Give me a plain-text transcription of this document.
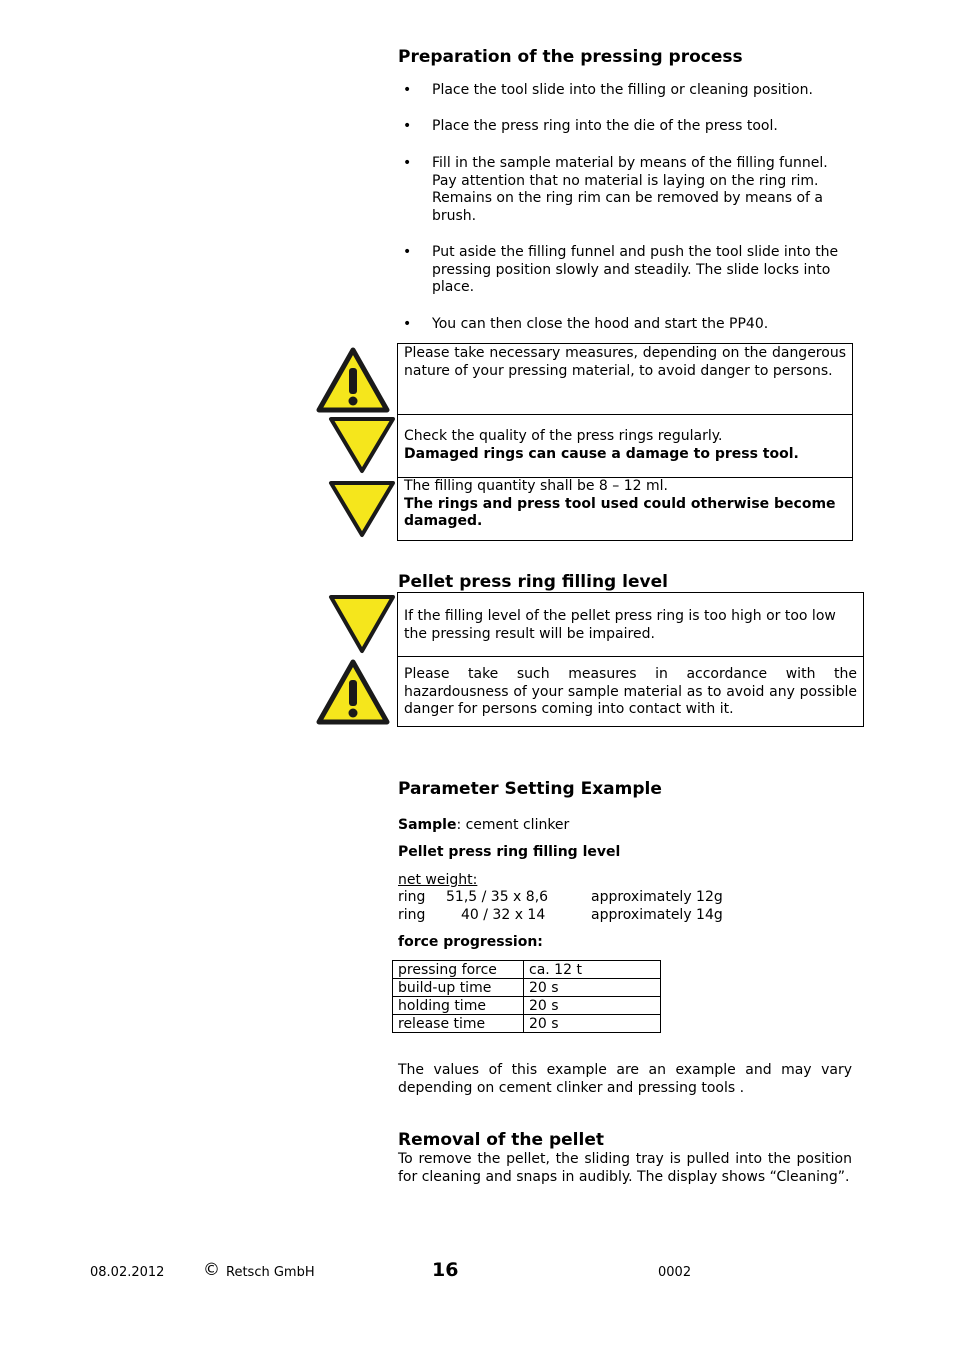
Preparation of the pressing process
• Place the tool slide into the filling or cleaning position.
• Place the press ring into the die of the press tool.
• Fill in the sample material by means of the filling funnel. Pay attention that no material is laying on the ring rim. Remains on the ring rim can be removed by means of a brush.
• Put aside the filling funnel and push the tool slide into the pressing position slowly and steadily. The slide locks into place.
• You can then close the hood and start the PP40.
Please take necessary measures, depending on the dangerous nature of your pressing material, to avoid danger to persons.
Check the quality of the press rings regularly.
Damaged rings can cause a damage to press tool.
The filling quantity shall be 8 – 12 ml.
The rings and press tool used could otherwise become damaged.
Pellet press ring filling level
If the filling level of the pellet press ring is too high or too low the pressing result will be impaired.
Please take such measures in accordance with the hazardousness of your sample material as to avoid any possible danger for persons coming into contact with it.
Parameter Setting Example
Sample: cement clinker
Pellet press ring filling level
net weight:
ring 51,5 / 35 x 8,6	approximately 12g
ring	40 / 32 x 14	approximately 14g
force progression:
pressing force	ca. 12 t
build-up time	20 s
holding time	20 s
release time	20 s
The values of this example are an example and may vary depending on cement clinker and pressing tools .
Removal of the pellet
To remove the pellet, the sliding tray is pulled into the position for cleaning and snaps in audibly. The display shows “Cleaning”.
08.02.2012 © Retsch GmbH	16	0002
